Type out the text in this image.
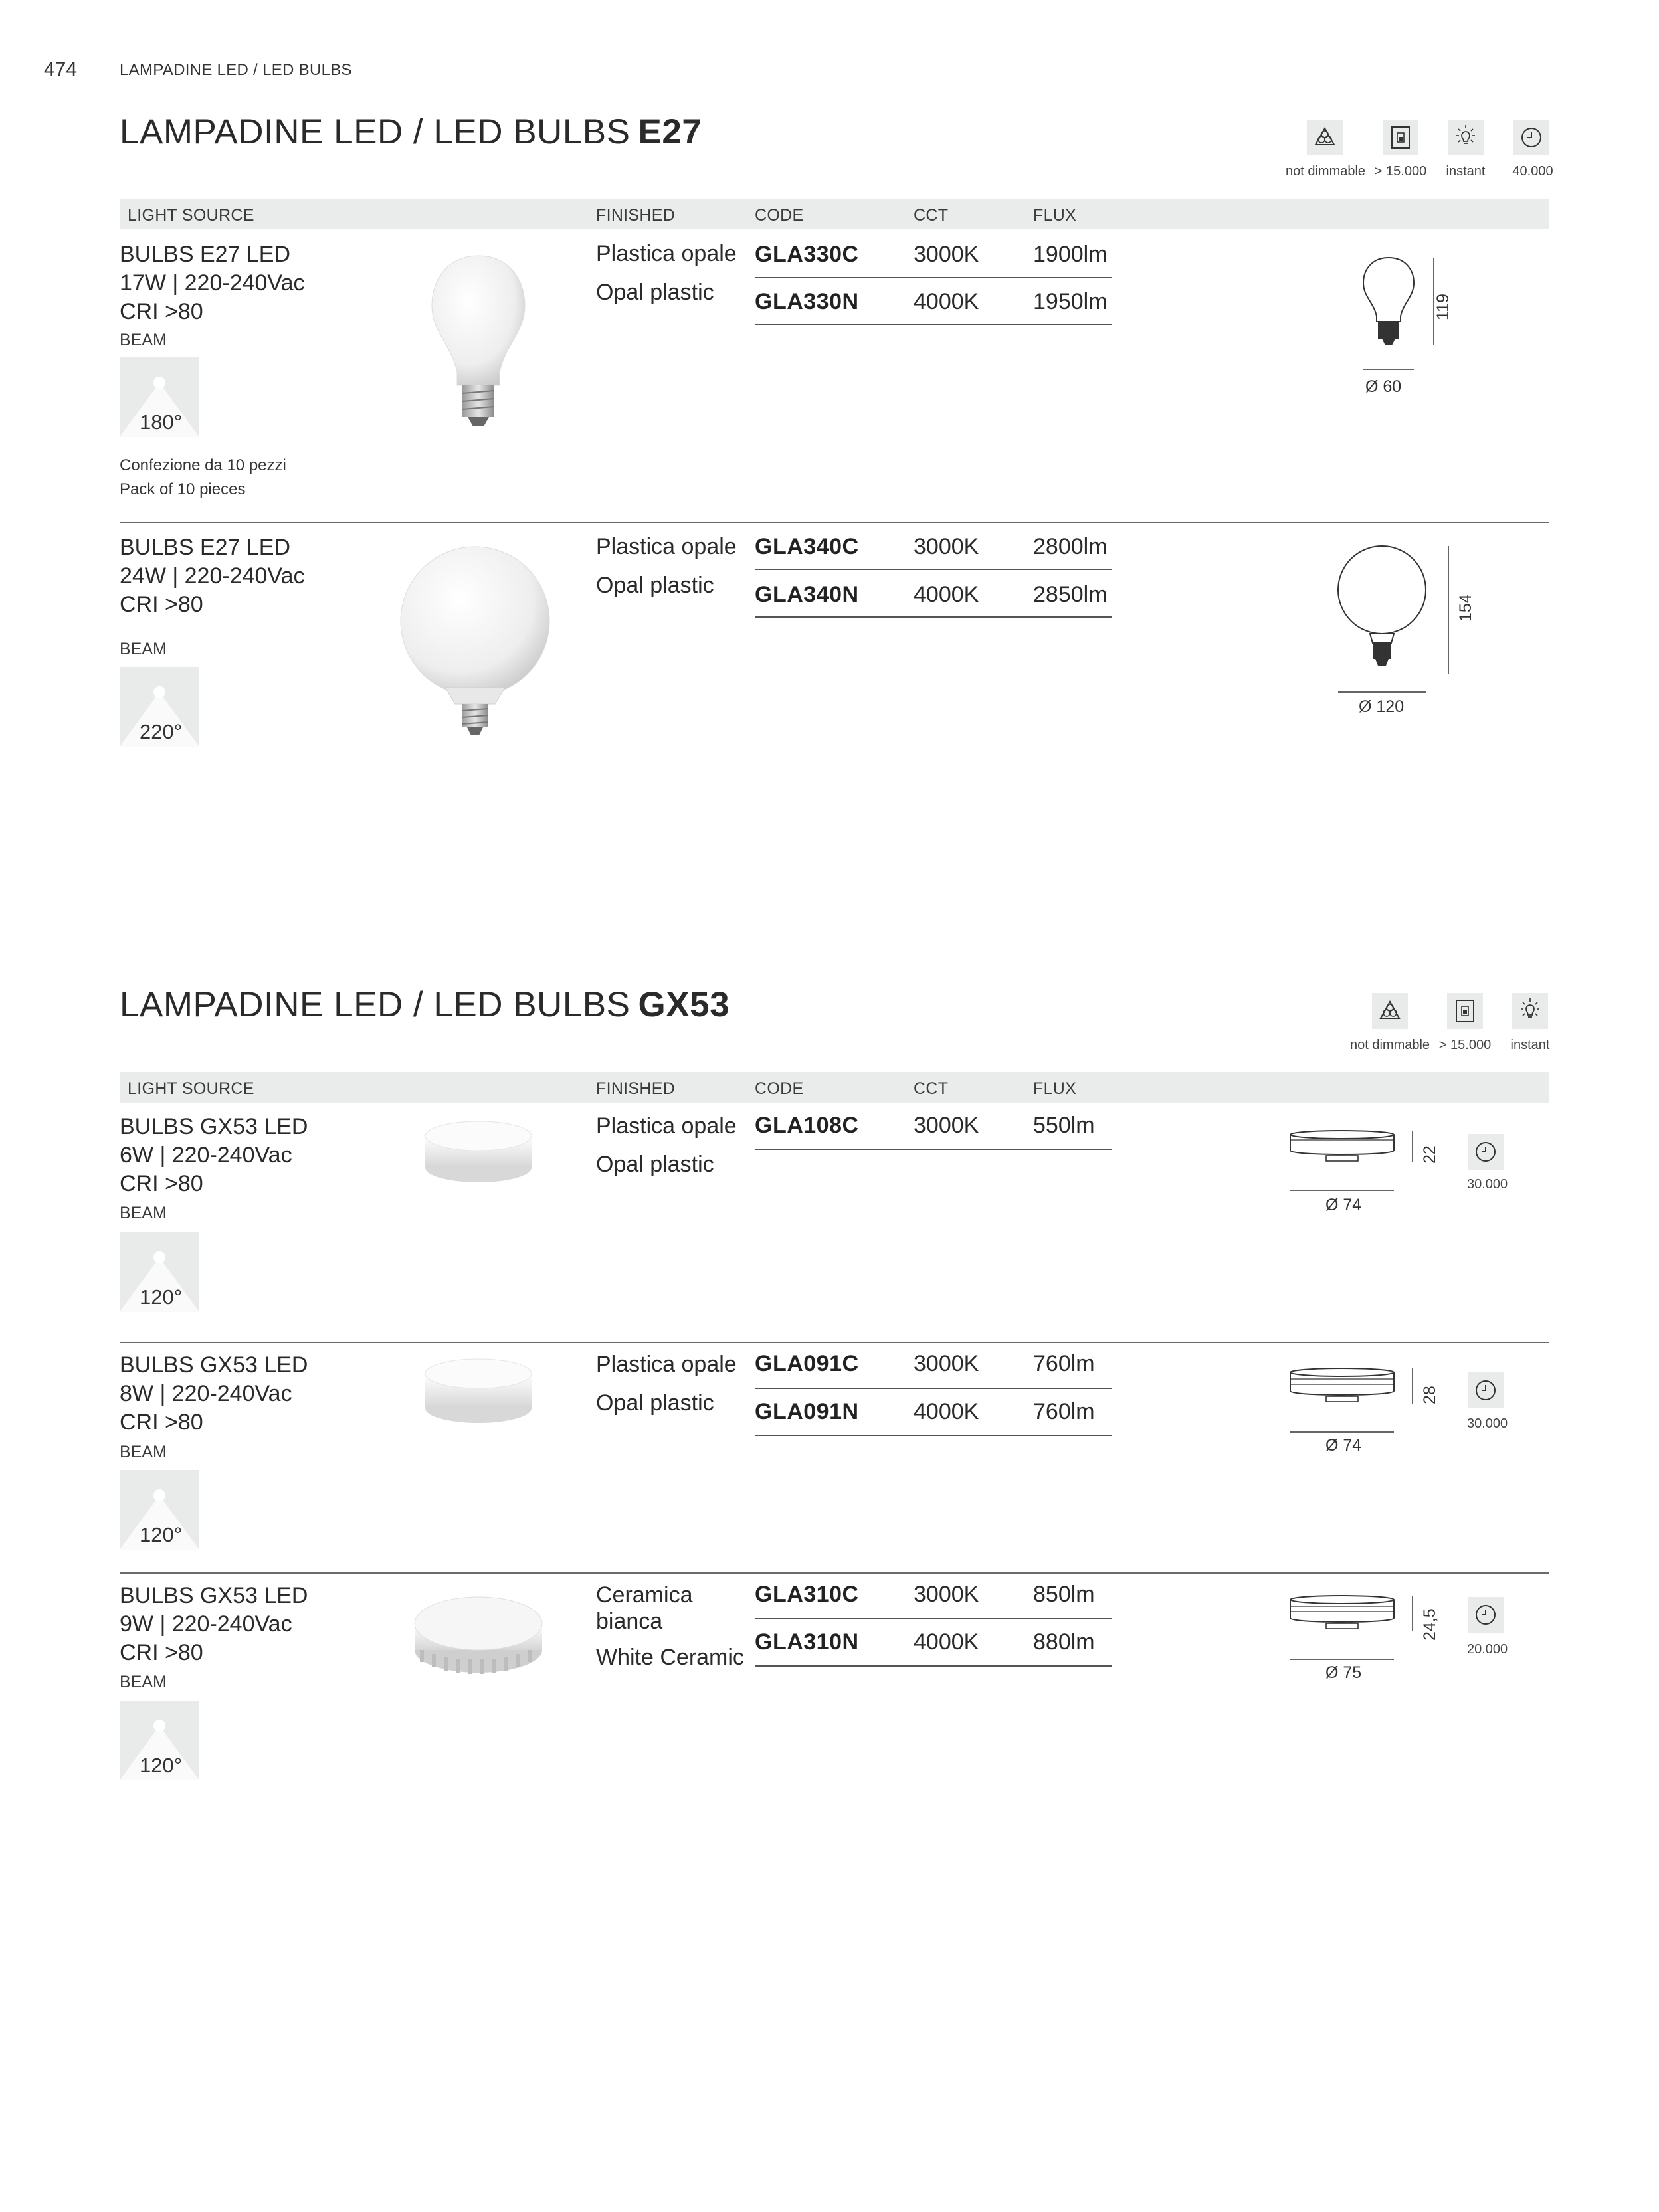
474	LAMPADINE LED / LED BULBS
LAMPADINE LED / LED BULBS E27
not dimmable > 15.000	instant	40.000
LIGHT SOURCE	FINISHED	CODE	CCT	FLUX
BULBS E27 LED
17W | 220-240Vac
CRI >80
BEAM
180°
Confezione da 10 pezzi
Pack of 10 pieces
Plastica opale
Opal plastic
GLA330C 3000K 1900lm
GLA330N 4000K 1950lm	119
Ø 60
BULBS E27 LED
24W | 220-240Vac
CRI >80
BEAM
220°
Plastica opale
Opal plastic
GLA340C 3000K 2800lm
GLA340N 4000K 2850lm	154
Ø 120
LAMPADINE LED / LED BULBS GX53
not dimmable > 15.000	instant
LIGHT SOURCE	FINISHED	CODE	CCT	FLUX
BULBS GX53 LED
6W | 220-240Vac
CRI >80
BEAM
120°
Plastica opale
Opal plastic
GLA108C 3000K 550lm
22
Ø 74
30.000
BULBS GX53 LED
8W | 220-240Vac
CRI >80
BEAM
120°
Plastica opale
Opal plastic
GLA091C 3000K 760lm
GLA091N 4000K 760lm
28
Ø 74
30.000
BULBS GX53 LED
9W | 220-240Vac
CRI >80
BEAM
120°
Ceramica
bianca
White Ceramic
GLA310C 3000K 850lm
GLA310N 4000K 880lm
24,5
Ø 75
20.000
